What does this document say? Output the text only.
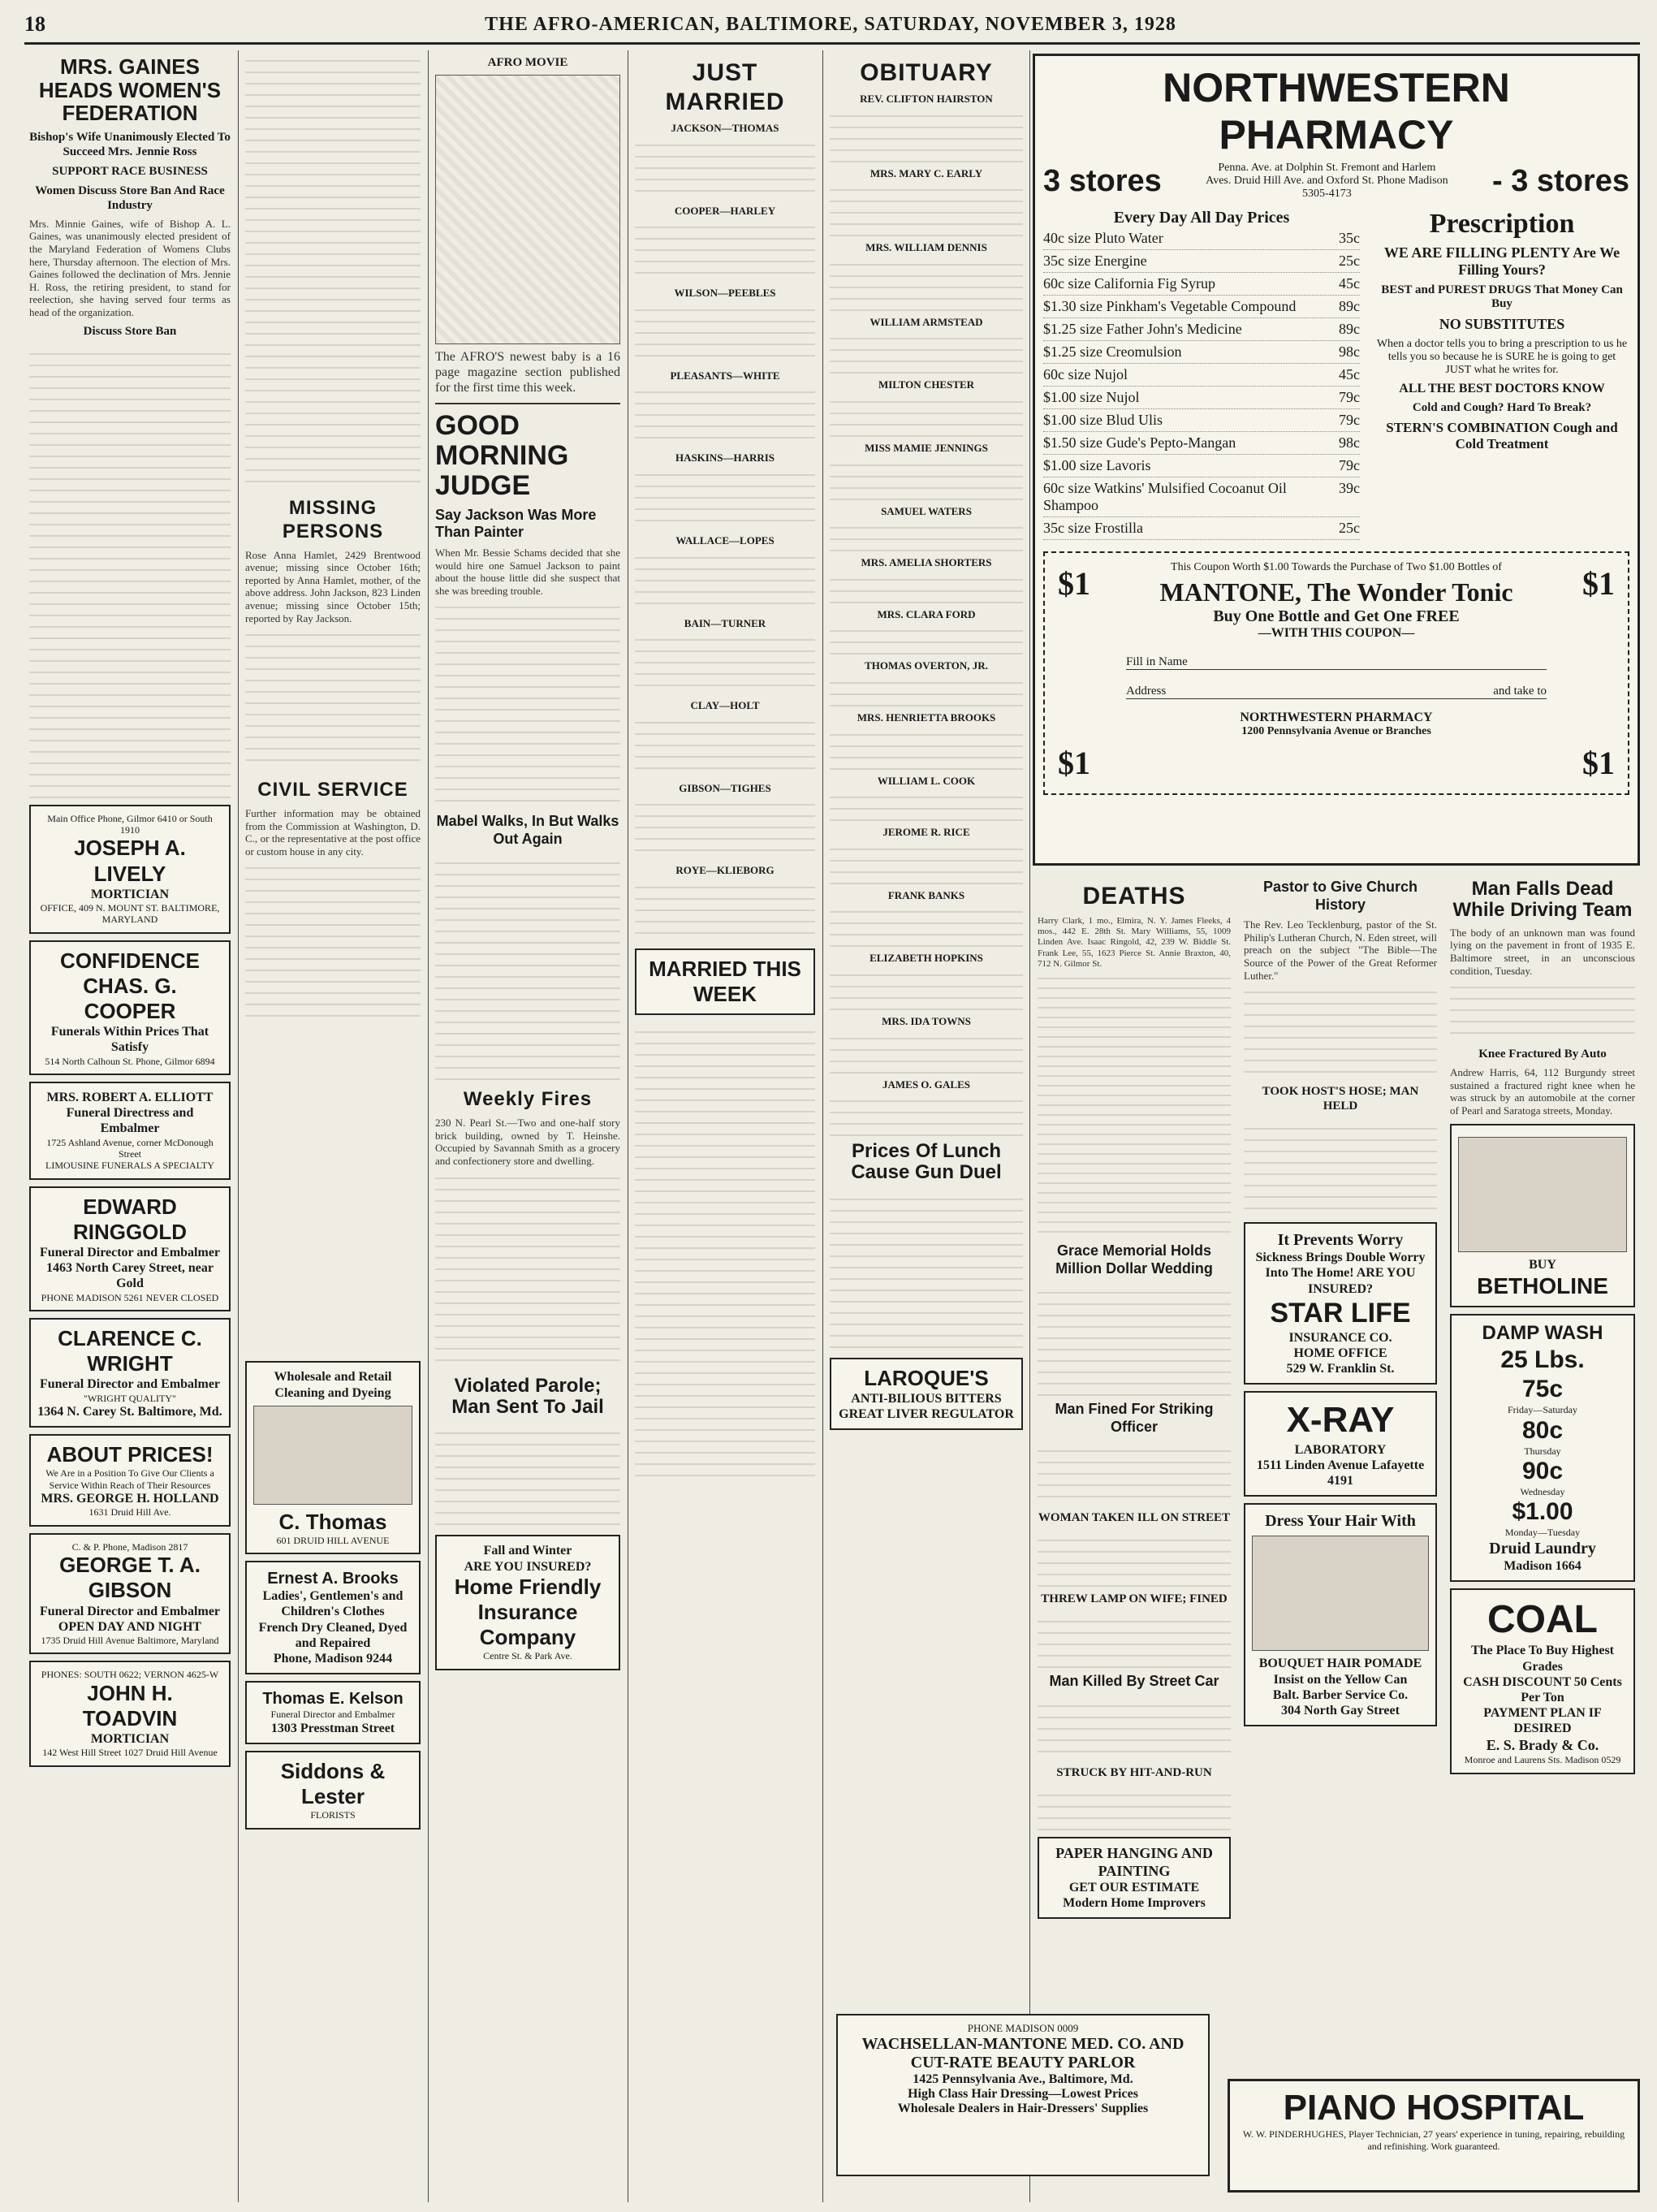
18	THE AFRO-AMERICAN, BALTIMORE, SATURDAY, NOVEMBER 3, 1928
MRS. GAINES HEADS WOMEN'S FEDERATION
Bishop's Wife Unanimously Elected To Succeed Mrs. Jennie Ross
SUPPORT RACE BUSINESS
Women Discuss Store Ban And Race Industry
Mrs. Minnie Gaines, wife of Bishop A. L. Gaines, was unanimously elected president of the Maryland Federation of Womens Clubs here, Thursday afternoon. The election of Mrs. Gaines followed the declination of Mrs. Jennie H. Ross, the retiring president, to stand for reelection, she having served four terms as head of the organization.
Discuss Store Ban
Main Office Phone, Gilmor 6410 or South 1910
JOSEPH A. LIVELY
MORTICIAN
OFFICE, 409 N. MOUNT ST. BALTIMORE, MARYLAND
CONFIDENCE
CHAS. G. COOPER
Funerals Within Prices That Satisfy
514 North Calhoun St. Phone, Gilmor 6894
MRS. ROBERT A. ELLIOTT
Funeral Directress and Embalmer
1725 Ashland Avenue, corner McDonough Street
LIMOUSINE FUNERALS A SPECIALTY
EDWARD RINGGOLD
Funeral Director and Embalmer
1463 North Carey Street, near Gold
PHONE MADISON 5261 NEVER CLOSED
CLARENCE C. WRIGHT
Funeral Director and Embalmer
"WRIGHT QUALITY"
1364 N. Carey St. Baltimore, Md.
ABOUT PRICES!
We Are in a Position To Give Our Clients a Service Within Reach of Their Resources
MRS. GEORGE H. HOLLAND
1631 Druid Hill Ave.
C. & P. Phone, Madison 2817
GEORGE T. A. GIBSON
Funeral Director and Embalmer OPEN DAY AND NIGHT
1735 Druid Hill Avenue Baltimore, Maryland
PHONES: SOUTH 0622; VERNON 4625-W
JOHN H. TOADVIN
MORTICIAN
142 West Hill Street 1027 Druid Hill Avenue
MISSING PERSONS
Rose Anna Hamlet, 2429 Brentwood avenue; missing since October 16th; reported by Anna Hamlet, mother, of the above address. John Jackson, 823 Linden avenue; missing since October 15th; reported by Ray Jackson.
CIVIL SERVICE
Further information may be obtained from the Commission at Washington, D. C., or the representative at the post office or custom house in any city.
Wholesale and Retail Cleaning and Dyeing
C. Thomas
601 DRUID HILL AVENUE
Ernest A. Brooks
Ladies', Gentlemen's and Children's Clothes
French Dry Cleaned, Dyed and Repaired
Phone, Madison 9244
Thomas E. Kelson
Funeral Director and Embalmer
1303 Presstman Street
Siddons & Lester
FLORISTS
AFRO MOVIE
The AFRO'S newest baby is a 16 page magazine section published for the first time this week.
GOOD MORNING JUDGE
Say Jackson Was More Than Painter
When Mr. Bessie Schams decided that she would hire one Samuel Jackson to paint about the house little did she suspect that she was breeding trouble.
Mabel Walks, In But Walks Out Again
Weekly Fires
230 N. Pearl St.—Two and one-half story brick building, owned by T. Heinshe. Occupied by Savannah Smith as a grocery and confectionery store and dwelling.
Violated Parole; Man Sent To Jail
Fall and Winter
ARE YOU INSURED?
Home Friendly Insurance Company
Centre St. & Park Ave.
JUST MARRIED
JACKSON—THOMAS
COOPER—HARLEY
WILSON—PEEBLES
PLEASANTS—WHITE
HASKINS—HARRIS
WALLACE—LOPES
BAIN—TURNER
CLAY—HOLT
GIBSON—TIGHES
ROYE—KLIEBORG
MARRIED THIS WEEK
OBITUARY
REV. CLIFTON HAIRSTON
MRS. MARY C. EARLY
MRS. WILLIAM DENNIS
WILLIAM ARMSTEAD
MILTON CHESTER
MISS MAMIE JENNINGS
SAMUEL WATERS
MRS. AMELIA SHORTERS
MRS. CLARA FORD
THOMAS OVERTON, JR.
MRS. HENRIETTA BROOKS
WILLIAM L. COOK
JEROME R. RICE
FRANK BANKS
ELIZABETH HOPKINS
MRS. IDA TOWNS
JAMES O. GALES
Prices Of Lunch Cause Gun Duel
LAROQUE'S
ANTI-BILIOUS BITTERS
GREAT LIVER REGULATOR
NORTHWESTERN PHARMACY
3 stores	Penna. Ave. at Dolphin St. Fremont and Harlem Aves. Druid Hill Ave. and Oxford St. Phone Madison 5305-4173	- 3 stores
Every Day All Day Prices
40c size Pluto Water	35c
35c size Energine	25c
60c size California Fig Syrup	45c
$1.30 size Pinkham's Vegetable Compound	89c
$1.25 size Father John's Medicine	89c
$1.25 size Creomulsion	98c
60c size Nujol	45c
$1.00 size Nujol	79c
$1.00 size Blud Ulis	79c
$1.50 size Gude's Pepto-Mangan	98c
$1.00 size Lavoris	79c
60c size Watkins' Mulsified Cocoanut Oil Shampoo
39c
35c size Frostilla	25c
Prescription
WE ARE FILLING PLENTY Are We Filling Yours?
BEST and PUREST DRUGS That Money Can Buy
NO SUBSTITUTES
When a doctor tells you to bring a prescription to us he tells you so because he is SURE he is going to get JUST what he writes for.
ALL THE BEST DOCTORS KNOW
Cold and Cough? Hard To Break?
STERN'S COMBINATION Cough and Cold Treatment
$1	$1
$1	$1
This Coupon Worth $1.00 Towards the Purchase of Two $1.00 Bottles of
MANTONE, The Wonder Tonic
Buy One Bottle and Get One FREE
—WITH THIS COUPON—
Fill in Name
Address	and take to
NORTHWESTERN PHARMACY
1200 Pennsylvania Avenue or Branches
DEATHS
Harry Clark, 1 mo., Elmira, N. Y. James Fleeks, 4 mos., 442 E. 28th St. Mary Williams, 55, 1009 Linden Ave. Isaac Ringold, 42, 239 W. Biddle St. Frank Lee, 55, 1623 Pierce St. Annie Braxton, 40, 712 N. Gilmor St.
Grace Memorial Holds Million Dollar Wedding
Man Fined For Striking Officer
WOMAN TAKEN ILL ON STREET
THREW LAMP ON WIFE; FINED
Man Killed By Street Car
STRUCK BY HIT-AND-RUN
PAPER HANGING AND PAINTING
GET OUR ESTIMATE
Modern Home Improvers
PHONE MADISON 0009
WACHSELLAN-MANTONE MED. CO. AND CUT-RATE BEAUTY PARLOR
1425 Pennsylvania Ave., Baltimore, Md.
High Class Hair Dressing—Lowest Prices
Wholesale Dealers in Hair-Dressers' Supplies
Pastor to Give Church History
The Rev. Leo Tecklenburg, pastor of the St. Philip's Lutheran Church, N. Eden street, will preach on the subject "The Bible—The Source of the Power of the Great Reformer Luther."
TOOK HOST'S HOSE; MAN HELD
It Prevents Worry
Sickness Brings Double Worry Into The Home! ARE YOU INSURED?
STAR LIFE
INSURANCE CO.
HOME OFFICE
529 W. Franklin St.
X-RAY
LABORATORY
1511 Linden Avenue Lafayette 4191
Dress Your Hair With
BOUQUET HAIR POMADE
Insist on the Yellow Can
Balt. Barber Service Co.
304 North Gay Street
Man Falls Dead While Driving Team
The body of an unknown man was found lying on the pavement in front of 1935 E. Baltimore street, in an unconscious condition, Tuesday.
Knee Fractured By Auto
Andrew Harris, 64, 112 Burgundy street sustained a fractured right knee when he was struck by an automobile at the corner of Pearl and Saratoga streets, Monday.
BUY
BETHOLINE
DAMP WASH
25 Lbs.
75c
Friday—Saturday
80c
Thursday
90c
Wednesday
$1.00
Monday—Tuesday
Druid Laundry
Madison 1664
COAL
The Place To Buy Highest Grades
CASH DISCOUNT 50 Cents Per Ton
PAYMENT PLAN IF DESIRED
E. S. Brady & Co.
Monroe and Laurens Sts. Madison 0529
PIANO HOSPITAL
W. W. PINDERHUGHES, Player Technician, 27 years' experience in tuning, repairing, rebuilding and refinishing. Work guaranteed.
